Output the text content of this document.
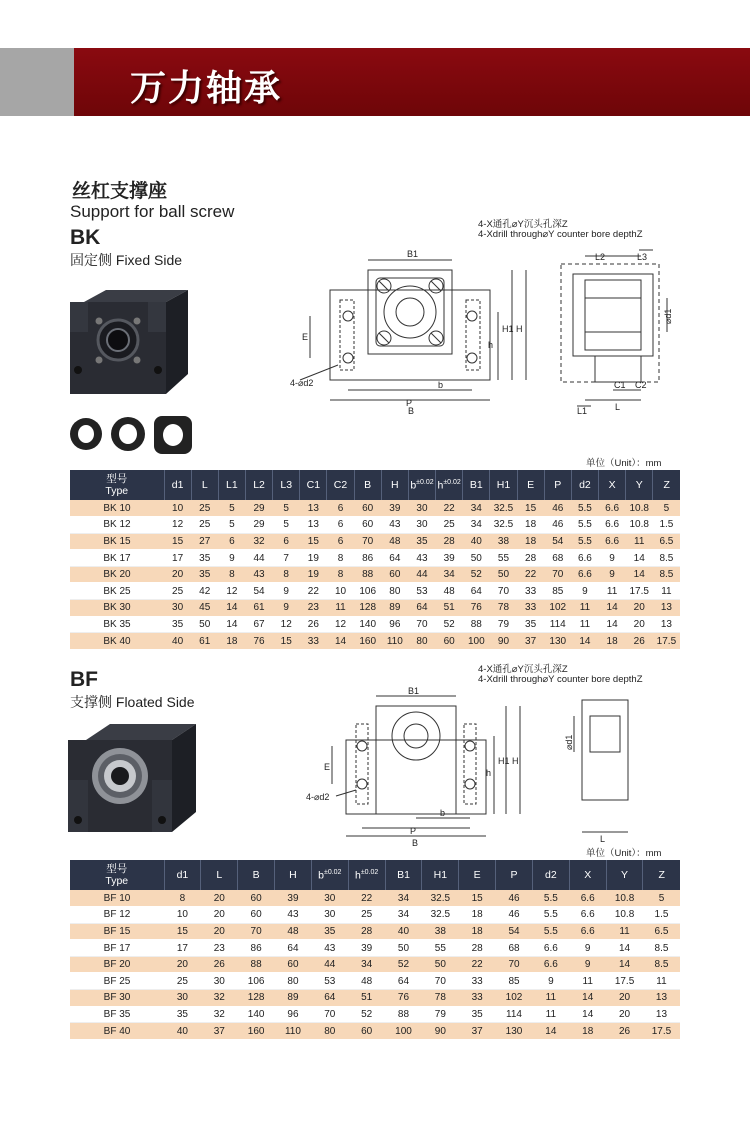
万力轴承
丝杠支撑座
Support for ball screw
BK
固定侧 Fixed Side
4-X通孔⌀Y沉头孔深Z
4-Xdrill through⌀Y counter bore depthZ
B1
B
P
b
E
h
H1 H
4-⌀d2
L2	L3
C1 C2
L
L1
⌀d1
单位（Unit）：mm
型号
Type	d1	L	L1	L2	L3	C1	C2	B	H	$b^{\pm 0.02}$	$h^{\pm 0.02}$	B1	H1	E	P	d2	X	Y	Z
BK 10	10	25	5	29	5	13	6	60	39	30	22	34	32.5	15	46	5.5	6.6	10.8	5
BK 12	12	25	5	29	5	13	6	60	43	30	25	34	32.5	18	46	5.5	6.6	10.8	1.5
BK 15	15	27	6	32	6	15	6	70	48	35	28	40	38	18	54	5.5	6.6	11	6.5
BK 17	17	35	9	44	7	19	8	86	64	43	39	50	55	28	68	6.6	9	14	8.5
BK 20	20	35	8	43	8	19	8	88	60	44	34	52	50	22	70	6.6	9	14	8.5
BK 25	25	42	12	54	9	22	10	106	80	53	48	64	70	33	85	9	11	17.5	11
BK 30	30	45	14	61	9	23	11	128	89	64	51	76	78	33	102	11	14	20	13
BK 35	35	50	14	67	12	26	12	140	96	70	52	88	79	35	114	11	14	20	13
BK 40	40	61	18	76	15	33	14	160	110	80	60	100	90	37	130	14	18	26	17.5
BF
支撑侧 Floated Side
4-X通孔⌀Y沉头孔深Z
4-Xdrill through⌀Y counter bore depthZ
B1
B
P
b
E
h
H1 H
4-⌀d2
L
⌀d1
单位（Unit）：mm
型号
Type	d1	L	B	H	$b^{\pm 0.02}$	$h^{\pm 0.02}$	B1	H1	E	P	d2	X	Y	Z
BF 10	8	20	60	39	30	22	34	32.5	15	46	5.5	6.6	10.8	5
BF 12	10	20	60	43	30	25	34	32.5	18	46	5.5	6.6	10.8	1.5
BF 15	15	20	70	48	35	28	40	38	18	54	5.5	6.6	11	6.5
BF 17	17	23	86	64	43	39	50	55	28	68	6.6	9	14	8.5
BF 20	20	26	88	60	44	34	52	50	22	70	6.6	9	14	8.5
BF 25	25	30	106	80	53	48	64	70	33	85	9	11	17.5	11
BF 30	30	32	128	89	64	51	76	78	33	102	11	14	20	13
BF 35	35	32	140	96	70	52	88	79	35	114	11	14	20	13
BF 40	40	37	160	110	80	60	100	90	37	130	14	18	26	17.5
